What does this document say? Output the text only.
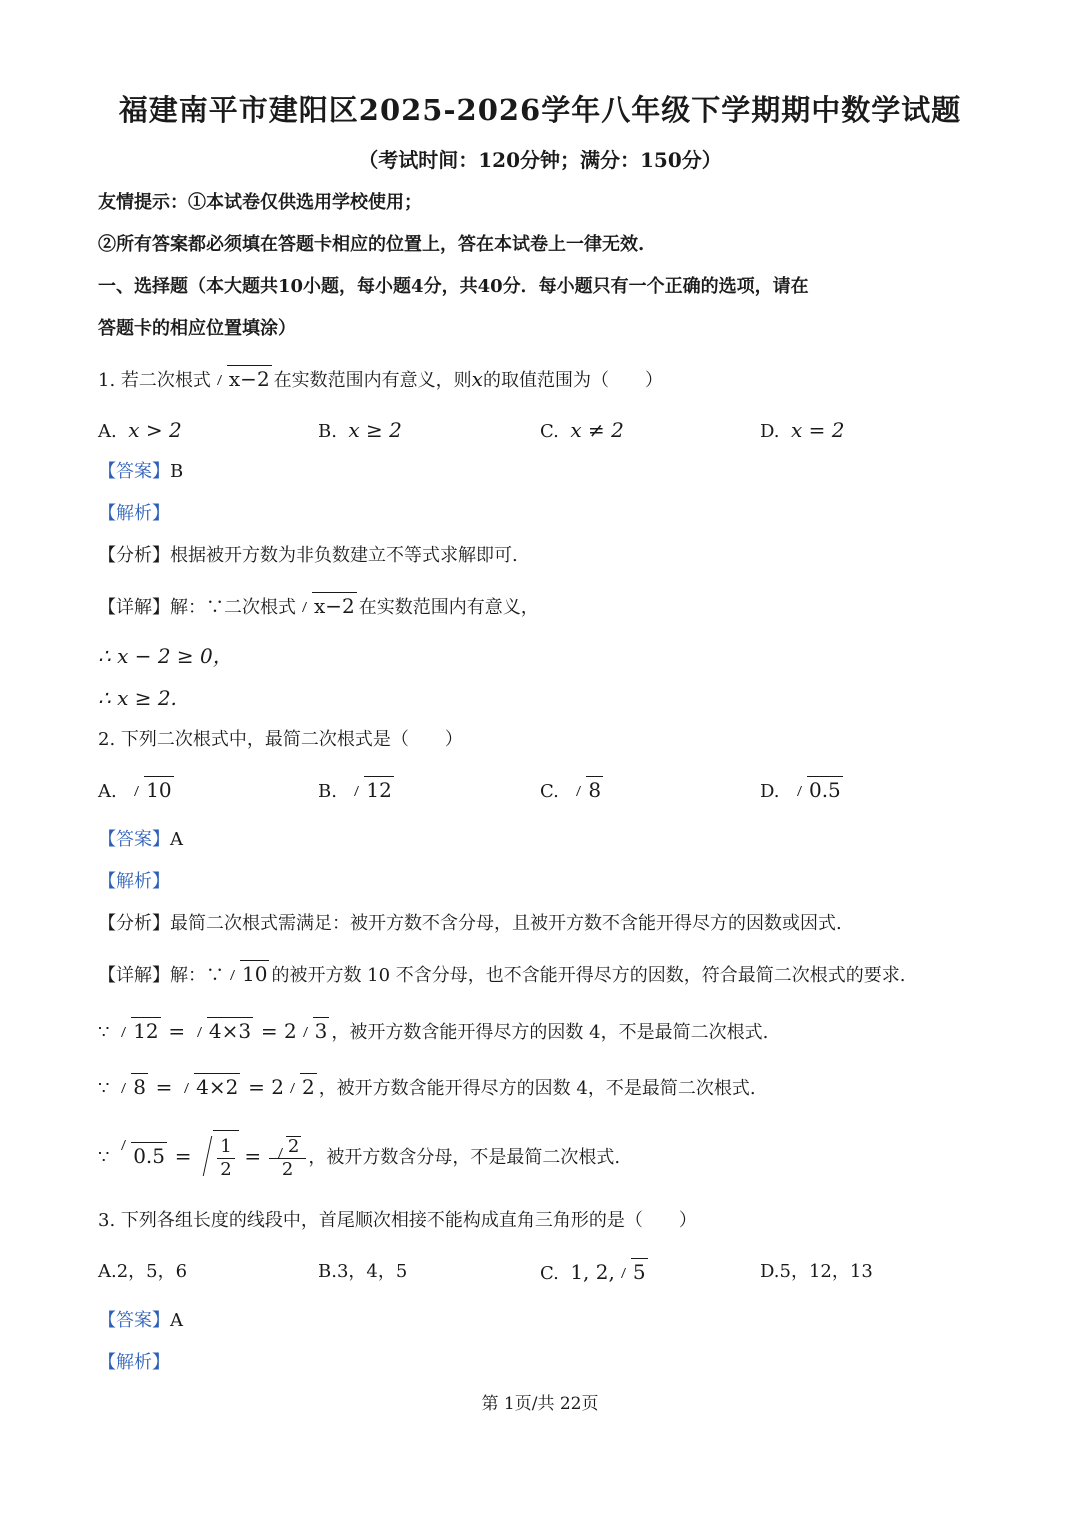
福建南平市建阳区2025-2026学年八年级下学期期中数学试题
（考试时间：120分钟；满分：150分）
友情提示：①本试卷仅供选用学校使用；
②所有答案都必须填在答题卡相应的位置上，答在本试卷上一律无效.
一、选择题（本大题共10小题，每小题4分，共40分．每小题只有一个正确的选项，请在
答题卡的相应位置填涂）
1. 若二次根式 x−2 在实数范围内有意义，则x的取值范围为（　　）
A. x > 2	B. x ≥ 2	C. x ≠ 2	D. x = 2
【答案】B
【解析】
【分析】根据被开方数为非负数建立不等式求解即可.
【详解】解：∵二次根式 x−2 在实数范围内有意义，
∴ x − 2 ≥ 0，
∴ x ≥ 2.
2. 下列二次根式中，最简二次根式是（　　）
A. 10	B. 12	C. 8	D. 0.5
【答案】A
【解析】
【分析】最简二次根式需满足：被开方数不含分母，且被开方数不含能开得尽方的因数或因式.
【详解】解：∵ 10 的被开方数 10 不含分母，也不含能开得尽方的因数，符合最简二次根式的要求.
∵ 12 = 4×3 = 2 3 ，被开方数含能开得尽方的因数 4，不是最简二次根式.
∵ 8 = 4×2 = 2 2 ，被开方数含能开得尽方的因数 4，不是最简二次根式.
∵ $0.5 = \frac{1}{2} = \frac{2}{2}$ ，被开方数含分母，不是最简二次根式.
3. 下列各组长度的线段中，首尾顺次相接不能构成直角三角形的是（　　）
A.2，5，6	B.3，4，5	C. 1, 2, 5	D.5，12，13
【答案】A
【解析】
第 1页/共 22页
